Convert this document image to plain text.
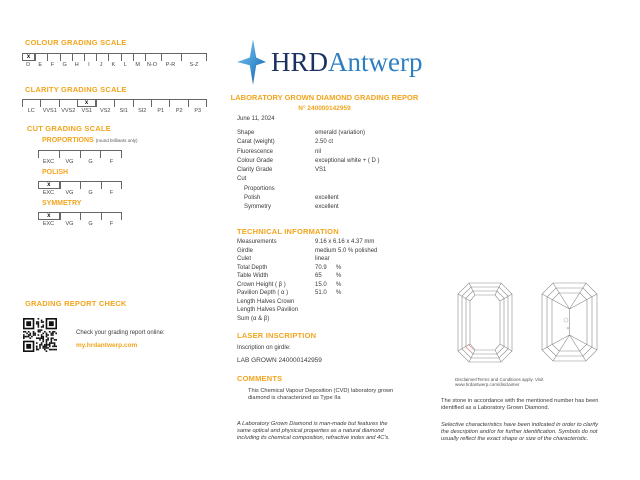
COLOUR GRADING SCALE
x
D	E	F	G	H	I	J	K	L	M	N-O	P-R	S-Z
CLARITY GRADING SCALE
x
LC	VVS1 VVS2	VS1	VS2	SI1	SI2	P1	P2	P3
CUT GRADING SCALE
PROPORTIONS (round brilliants only)
EXC	VG	G	F
POLISH
x
EXC	VG	G	F
SYMMETRY
x
EXC	VG	G	F
GRADING REPORT CHECK
Check your grading report online:
my.hrdantwerp.com
HRDAntwerp
LABORATORY GROWN DIAMOND GRADING REPOR
N° 240000142959
June 11, 2024
Shape	emerald (variation)
Carat (weight)	2.50 ct
Fluorescence	nil
Colour Grade	exceptional white + ( D )
Clarity Grade	VS1
Cut
Proportions
Polish	excellent
Symmetry	excellent
TECHNICAL INFORMATION
Measurements	9.16 x 6.16 x 4.37 mm
Girdle	medium 5.0 % polished
Culet	linear
Total Depth	70.9	%
Table Width	65	%
Crown Height ( β )	15.0	%
Pavilion Depth ( α )	51.0	%
Length Halves Crown
Length Halves Pavilion
Sum (α & β)
LASER INSCRIPTION
Inscription on girdle:
LAB GROWN 240000142959
COMMENTS
This Chemical Vapour Deposition (CVD) laboratory grown diamond is characterized as Type IIa
A Laboratory Grown Diamond is man-made but features the same optical and physical properties as a natural diamond including its chemical composition, refractive index and 4C's.
Disclaimer/Terms and Conditions apply. Visit www.hrdantwerp.com/disclaimer
The stone in accordance with the mentioned number has been identified as a Laboratory Grown Diamond.
Selective characteristics have been indicated in order to clarify the description and/or for further identification. Symbols do not usually reflect the exact shape or size of the characteristic.
